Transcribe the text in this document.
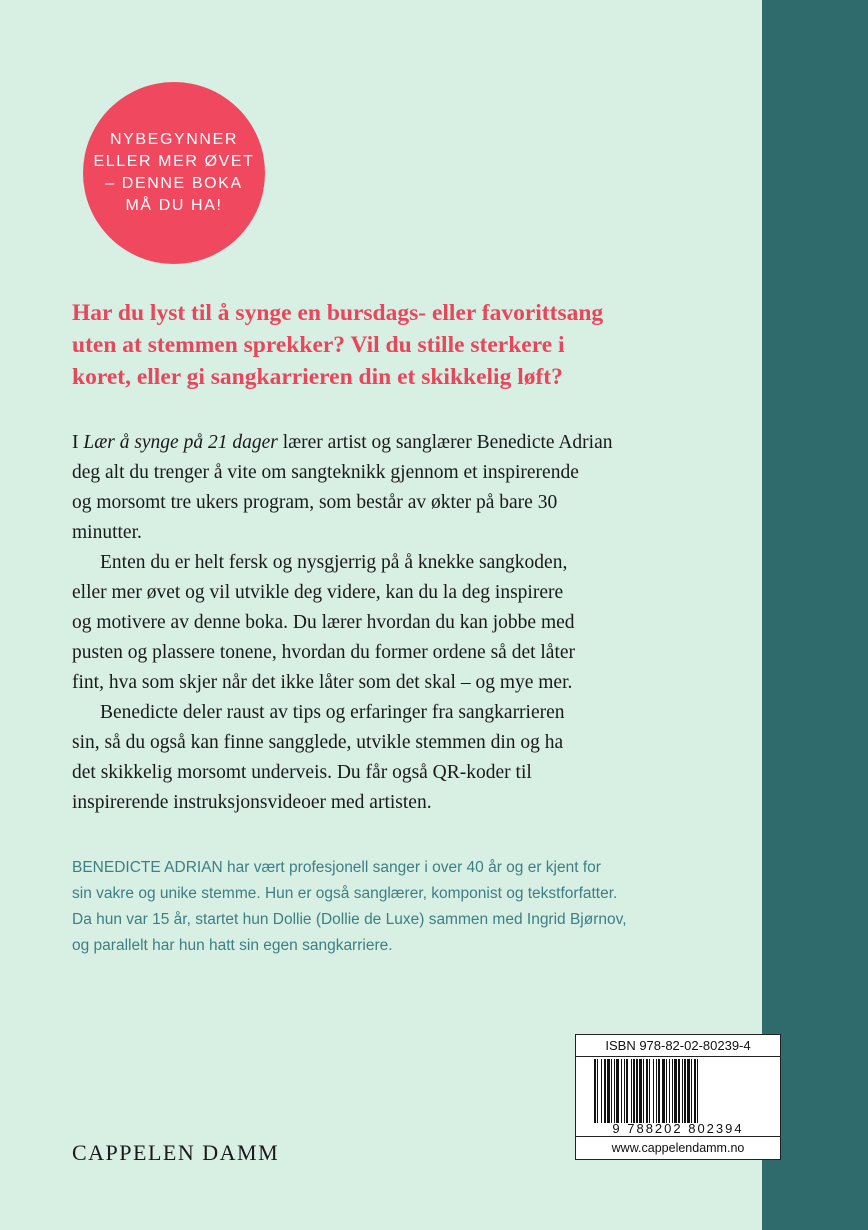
NYBEGYNNER
ELLER MER ØVET
– DENNE BOKA
MÅ DU HA!
Har du lyst til å synge en bursdags- eller favorittsang
uten at stemmen sprekker? Vil du stille sterkere i
koret, eller gi sangkarrieren din et skikkelig løft?
I Lær å synge på 21 dager lærer artist og sanglærer Benedicte Adrian
deg alt du trenger å vite om sangteknikk gjennom et inspirerende
og morsomt tre ukers program, som består av økter på bare 30
minutter.
Enten du er helt fersk og nysgjerrig på å knekke sangkoden,
eller mer øvet og vil utvikle deg videre, kan du la deg inspirere
og motivere av denne boka. Du lærer hvordan du kan jobbe med
pusten og plassere tonene, hvordan du former ordene så det låter
fint, hva som skjer når det ikke låter som det skal – og mye mer.
Benedicte deler raust av tips og erfaringer fra sangkarrieren
sin, så du også kan finne sangglede, utvikle stemmen din og ha
det skikkelig morsomt underveis. Du får også QR-koder til
inspirerende instruksjonsvideoer med artisten.
BENEDICTE ADRIAN har vært profesjonell sanger i over 40 år og er kjent for
sin vakre og unike stemme. Hun er også sanglærer, komponist og tekstforfatter.
Da hun var 15 år, startet hun Dollie (Dollie de Luxe) sammen med Ingrid Bjørnov,
og parallelt har hun hatt sin egen sangkarriere.
CAPPELEN DAMM
ISBN 978-82-02-80239-4
9 788202 802394
www.cappelendamm.no
